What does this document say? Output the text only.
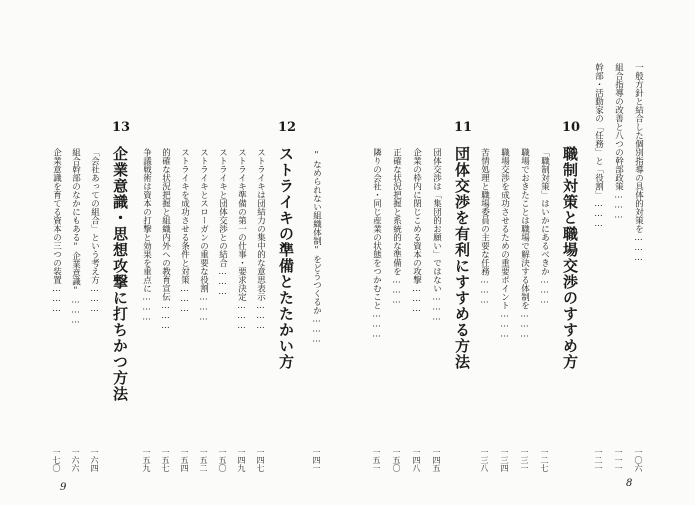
一般方針と結合した個別指導の具体的対策を………
一〇六
組合指導の改善と八つの幹部政策………
一一一
幹部・活動家の「任務」と「役割」………
一二一
10
職制対策と職場交渉のすすめ方
「職制対策」はいかにあるべきか………
一二七
職場でおきたことは職場で解決する体制を………
一三一
職場交渉を成功させるための重要ポイント………
一三四
苦情処理と職場委員の主要な任務………
一三八
11
団体交渉を有利にすすめる方法
団体交渉は「集団的お願い」ではない………
一四五
企業の枠内に閉じこめる資本の攻撃………
一四八
正確な状況把握と系統的な準備を………
一五〇
隣りの会社・同じ産業の状態をつかむこと………
一五一
12
"なめられない組織体制"をどうつくるか………
一四一
ストライキの準備とたたかい方
ストライキは団結力の集中的な意思表示………
一四七
ストライキ準備の第一の仕事・要求決定………
一四九
ストライキと団体交渉との結合………
一五〇
ストライキとスローガンの重要な役割………
一五二
ストライキを成功させる条件と対策………
一五四
的確な状況把握と組織内外への教育宣伝………
一五七
争議戦術は資本の打撃と効果を重点に………
一五九
13
企業意識・思想攻撃に打ちかつ方法
「会社あっての組合」という考え方………
一六四
組合幹部のなかにもある"企業意識"………
一六六
企業意識を育てる資本の三つの装置………
一七〇
9	8
